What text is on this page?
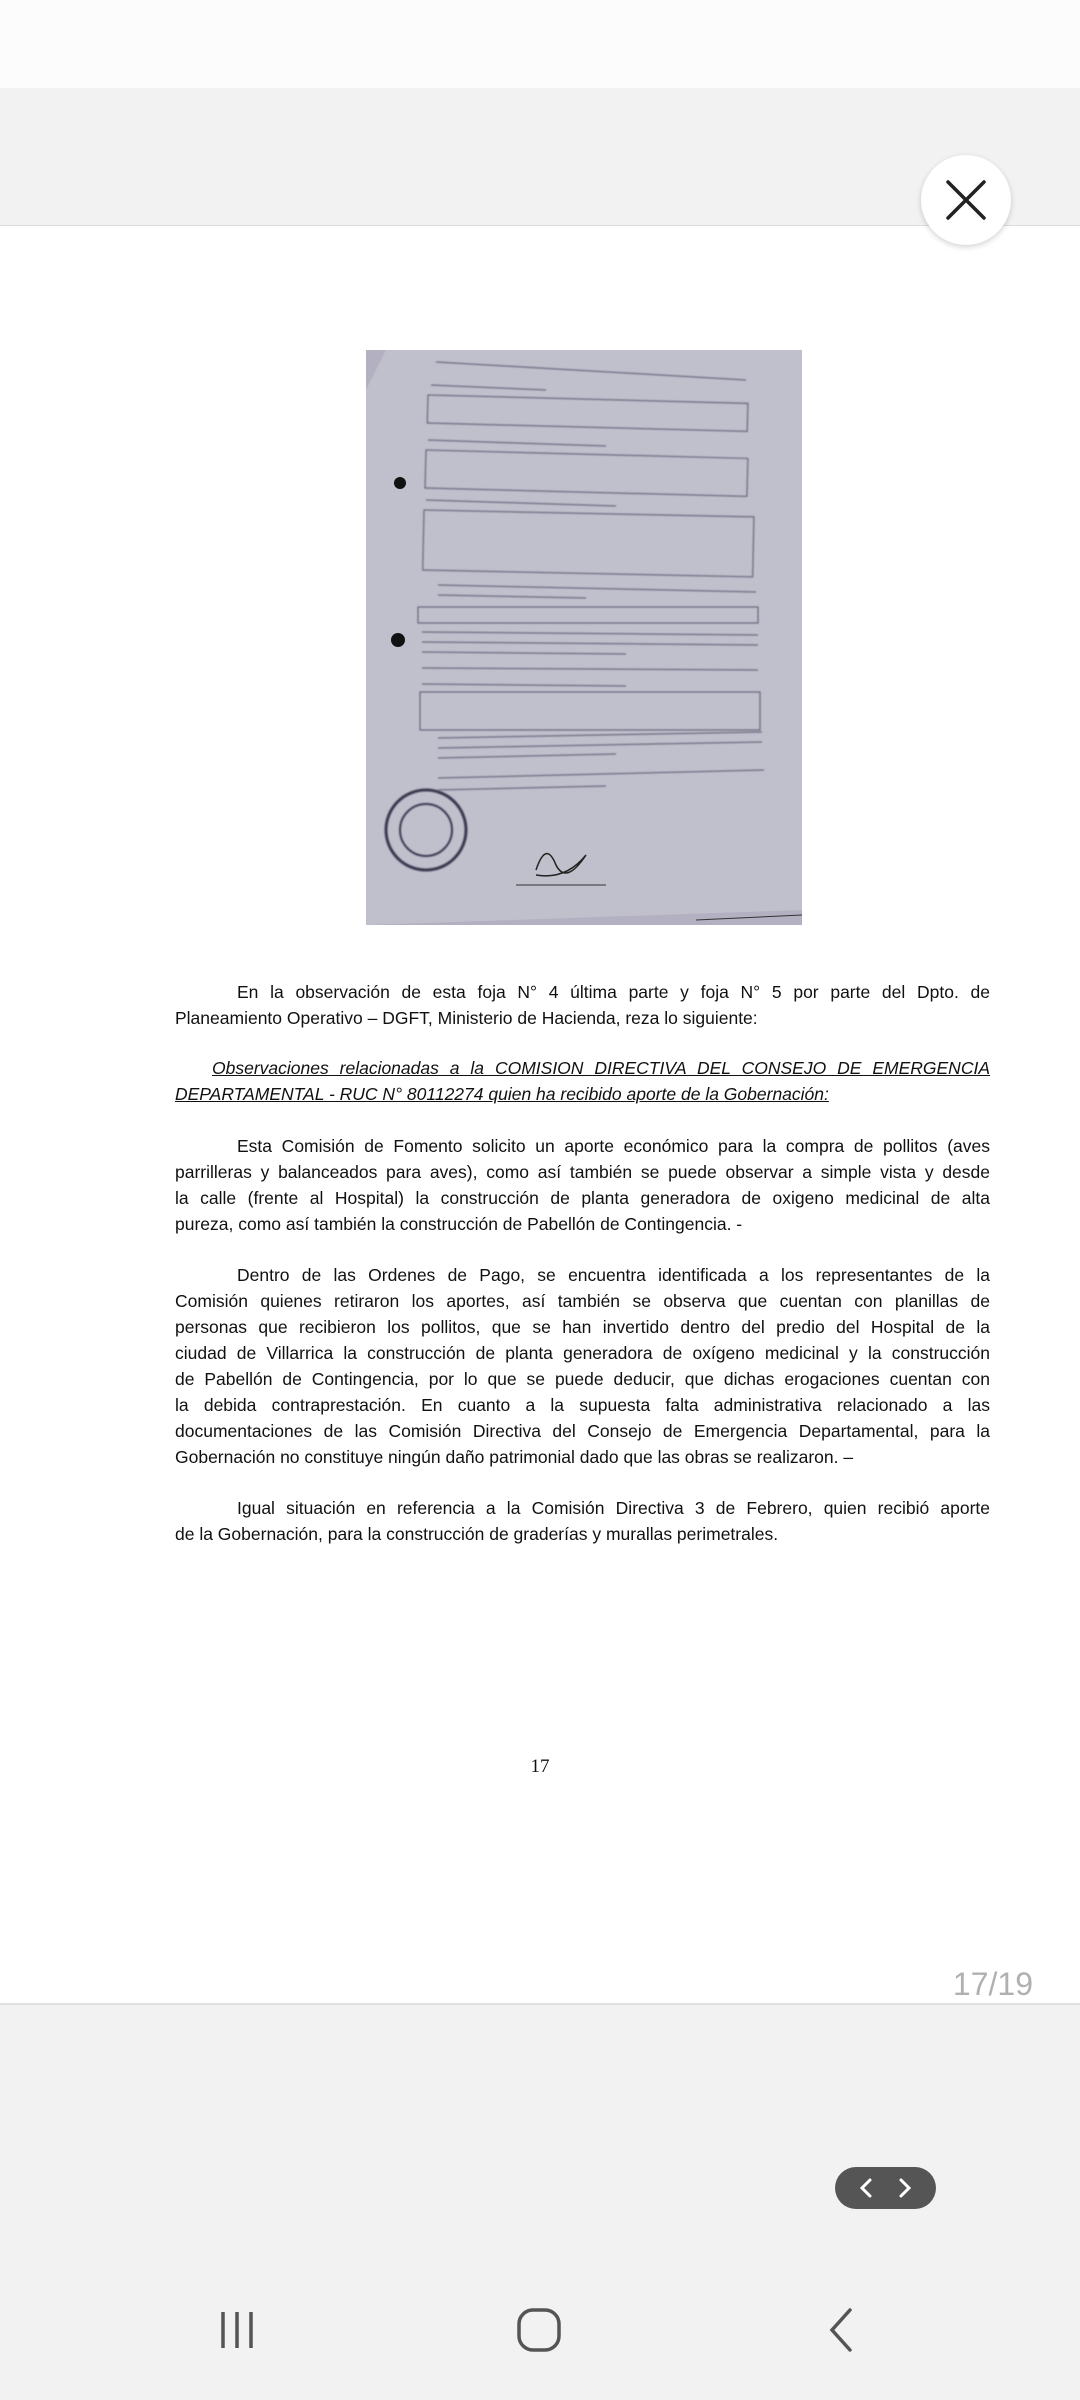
En la observación de esta foja N° 4 última parte y foja N° 5 por parte del Dpto. de
Planeamiento Operativo – DGFT, Ministerio de Hacienda, reza lo siguiente:
Observaciones relacionadas a la COMISION DIRECTIVA DEL CONSEJO DE EMERGENCIA
DEPARTAMENTAL - RUC N° 80112274 quien ha recibido aporte de la Gobernación:
Esta Comisión de Fomento solicito un aporte económico para la compra de pollitos (aves
parrilleras y balanceados para aves), como así también se puede observar a simple vista y desde
la calle (frente al Hospital) la construcción de planta generadora de oxigeno medicinal de alta
pureza, como así también la construcción de Pabellón de Contingencia. -
Dentro de las Ordenes de Pago, se encuentra identificada a los representantes de la
Comisión quienes retiraron los aportes, así también se observa que cuentan con planillas de
personas que recibieron los pollitos, que se han invertido dentro del predio del Hospital de la
ciudad de Villarrica la construcción de planta generadora de oxígeno medicinal y la construcción
de Pabellón de Contingencia, por lo que se puede deducir, que dichas erogaciones cuentan con
la debida contraprestación. En cuanto a la supuesta falta administrativa relacionado a las
documentaciones de las Comisión Directiva del Consejo de Emergencia Departamental, para la
Gobernación no constituye ningún daño patrimonial dado que las obras se realizaron. –
Igual situación en referencia a la Comisión Directiva 3 de Febrero, quien recibió aporte
de la Gobernación, para la construcción de graderías y murallas perimetrales.
17
17/19
